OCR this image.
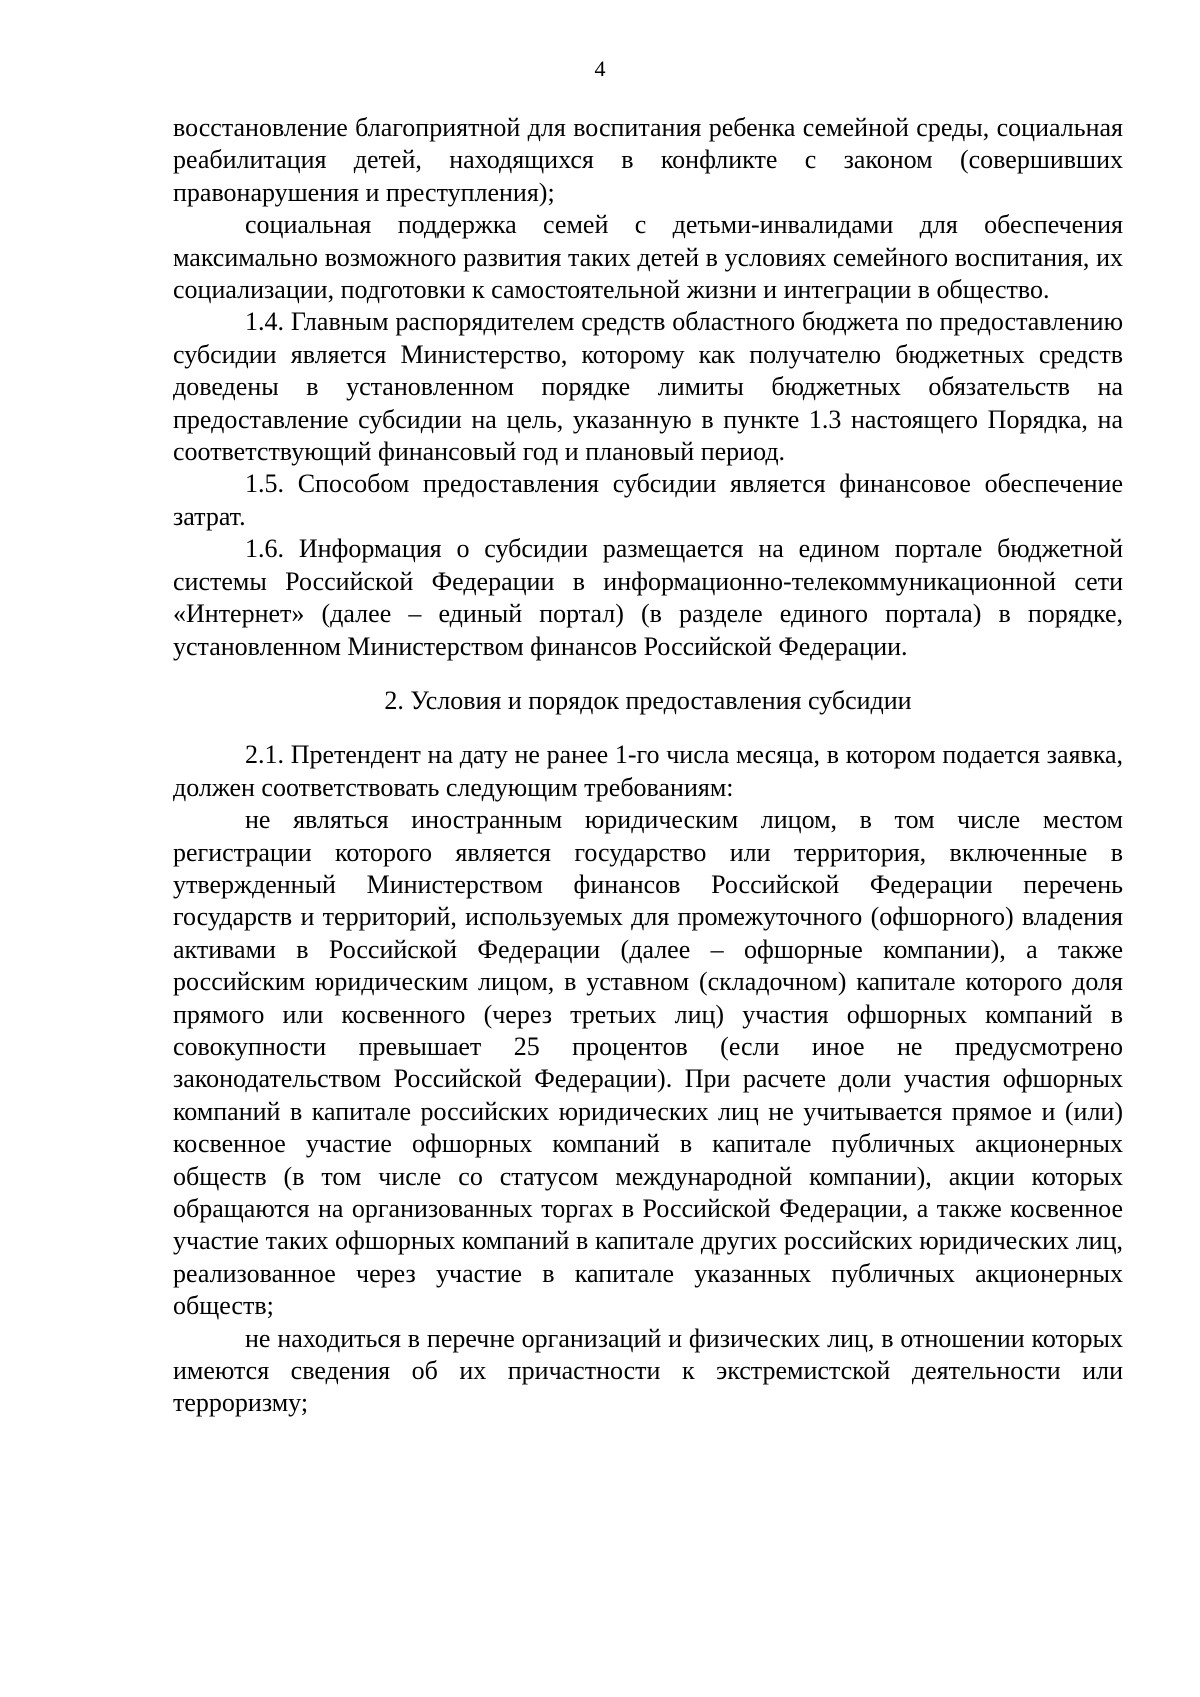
4

восстановление благоприятной для воспитания ребенка семейной среды, социальная реабилитация детей, находящихся в конфликте с законом (совершивших правонарушения и преступления);

социальная поддержка семей с детьми-инвалидами для обеспечения максимально возможного развития таких детей в условиях семейного воспитания, их социализации, подготовки к самостоятельной жизни и интеграции в общество.

1.4. Главным распорядителем средств областного бюджета по предоставлению субсидии является Министерство, которому как получателю бюджетных средств доведены в установленном порядке лимиты бюджетных обязательств на предоставление субсидии на цель, указанную в пункте 1.3 настоящего Порядка, на соответствующий финансовый год и плановый период.

1.5. Способом предоставления субсидии является финансовое обеспечение затрат.

1.6. Информация о субсидии размещается на едином портале бюджетной системы Российской Федерации в информационно-телекоммуникационной сети «Интернет» (далее – единый портал) (в разделе единого портала) в порядке, установленном Министерством финансов Российской Федерации.

2. Условия и порядок предоставления субсидии

2.1. Претендент на дату не ранее 1-го числа месяца, в котором подается заявка, должен соответствовать следующим требованиям:

не являться иностранным юридическим лицом, в том числе местом регистрации которого является государство или территория, включенные в утвержденный Министерством финансов Российской Федерации перечень государств и территорий, используемых для промежуточного (офшорного) владения активами в Российской Федерации (далее – офшорные компании), а также российским юридическим лицом, в уставном (складочном) капитале которого доля прямого или косвенного (через третьих лиц) участия офшорных компаний в совокупности превышает 25 процентов (если иное не предусмотрено законодательством Российской Федерации). При расчете доли участия офшорных компаний в капитале российских юридических лиц не учитывается прямое и (или) косвенное участие офшорных компаний в капитале публичных акционерных обществ (в том числе со статусом международной компании), акции которых обращаются на организованных торгах в Российской Федерации, а также косвенное участие таких офшорных компаний в капитале других российских юридических лиц, реализованное через участие в капитале указанных публичных акционерных обществ;

не находиться в перечне организаций и физических лиц, в отношении которых имеются сведения об их причастности к экстремистской деятельности или терроризму;
